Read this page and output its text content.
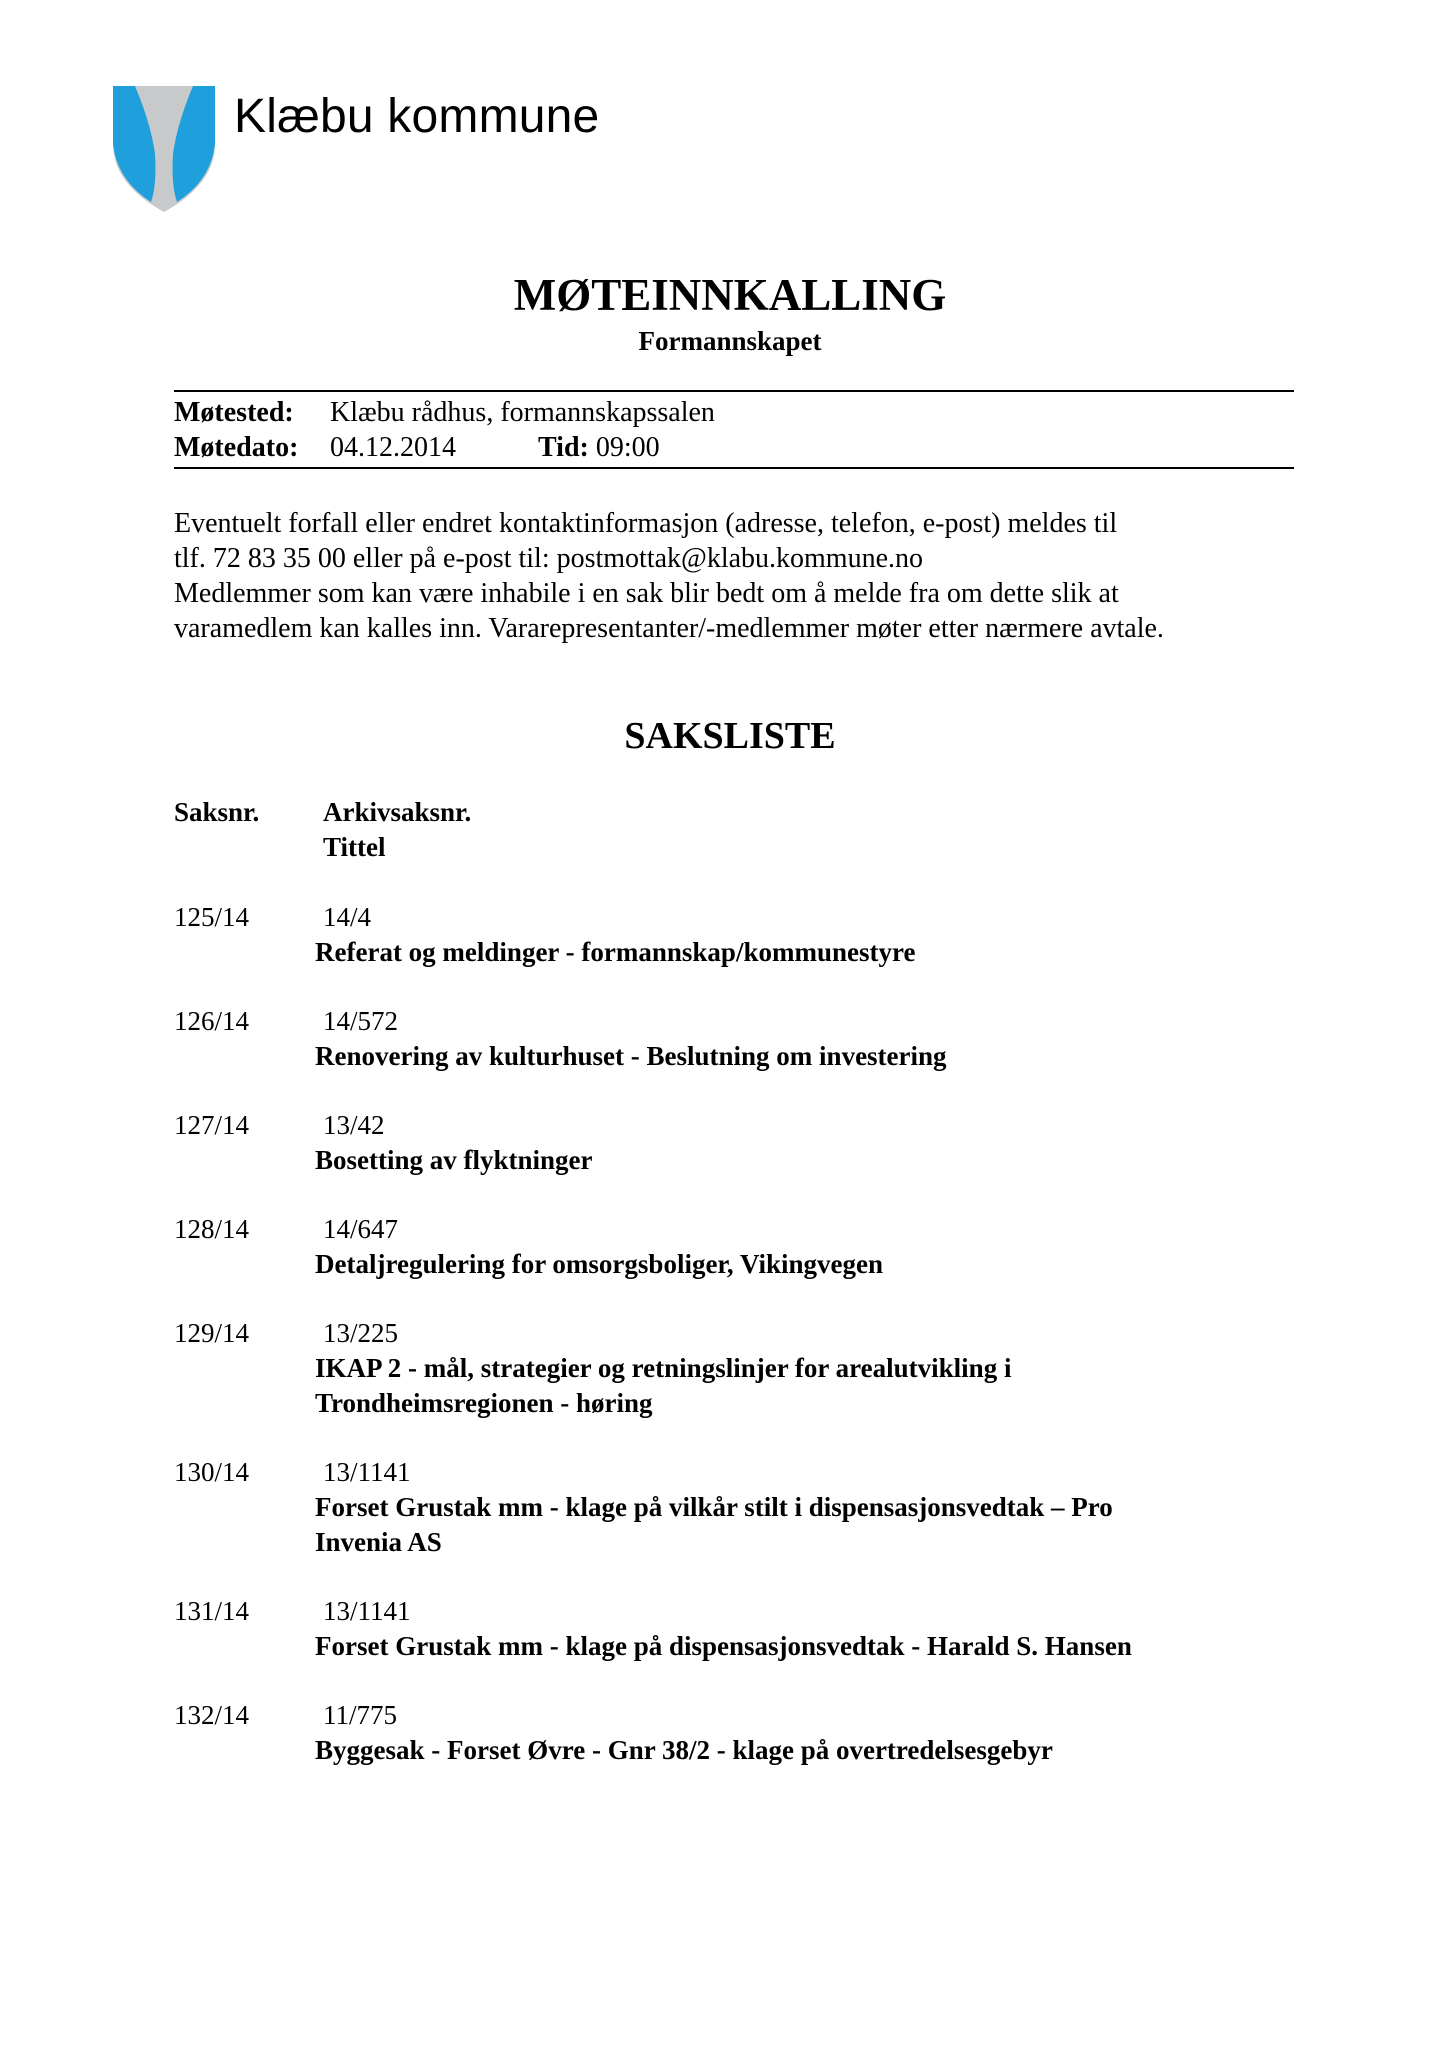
Klæbu kommune
MØTEINNKALLING
Formannskapet
Møtested: Klæbu rådhus, formannskapssalen
Møtedato: 04.12.2014	Tid: 09:00

Eventuelt forfall eller endret kontaktinformasjon (adresse, telefon, e-post) meldes til

tlf. 72 83 35 00 eller på e-post til: postmottak@klabu.kommune.no

Medlemmer som kan være inhabile i en sak blir bedt om å melde fra om dette slik at

varamedlem kan kalles inn. Vararepresentanter/-medlemmer møter etter nærmere avtale.

SAKSLISTE
Saksnr. Arkivsaksnr.
Tittel
125/14	14/4
Referat og meldinger - formannskap/kommunestyre
126/14	14/572
Renovering av kulturhuset - Beslutning om investering
127/14	13/42
Bosetting av flyktninger
128/14	14/647
Detaljregulering for omsorgsboliger, Vikingvegen
129/14	13/225
IKAP 2 - mål, strategier og retningslinjer for arealutvikling i Trondheimsregionen - høring
130/14	13/1141
Forset Grustak mm - klage på vilkår stilt i dispensasjonsvedtak – Pro Invenia AS
131/14	13/1141
Forset Grustak mm - klage på dispensasjonsvedtak - Harald S. Hansen
132/14	11/775
Byggesak - Forset Øvre - Gnr 38/2 - klage på overtredelsesgebyr
